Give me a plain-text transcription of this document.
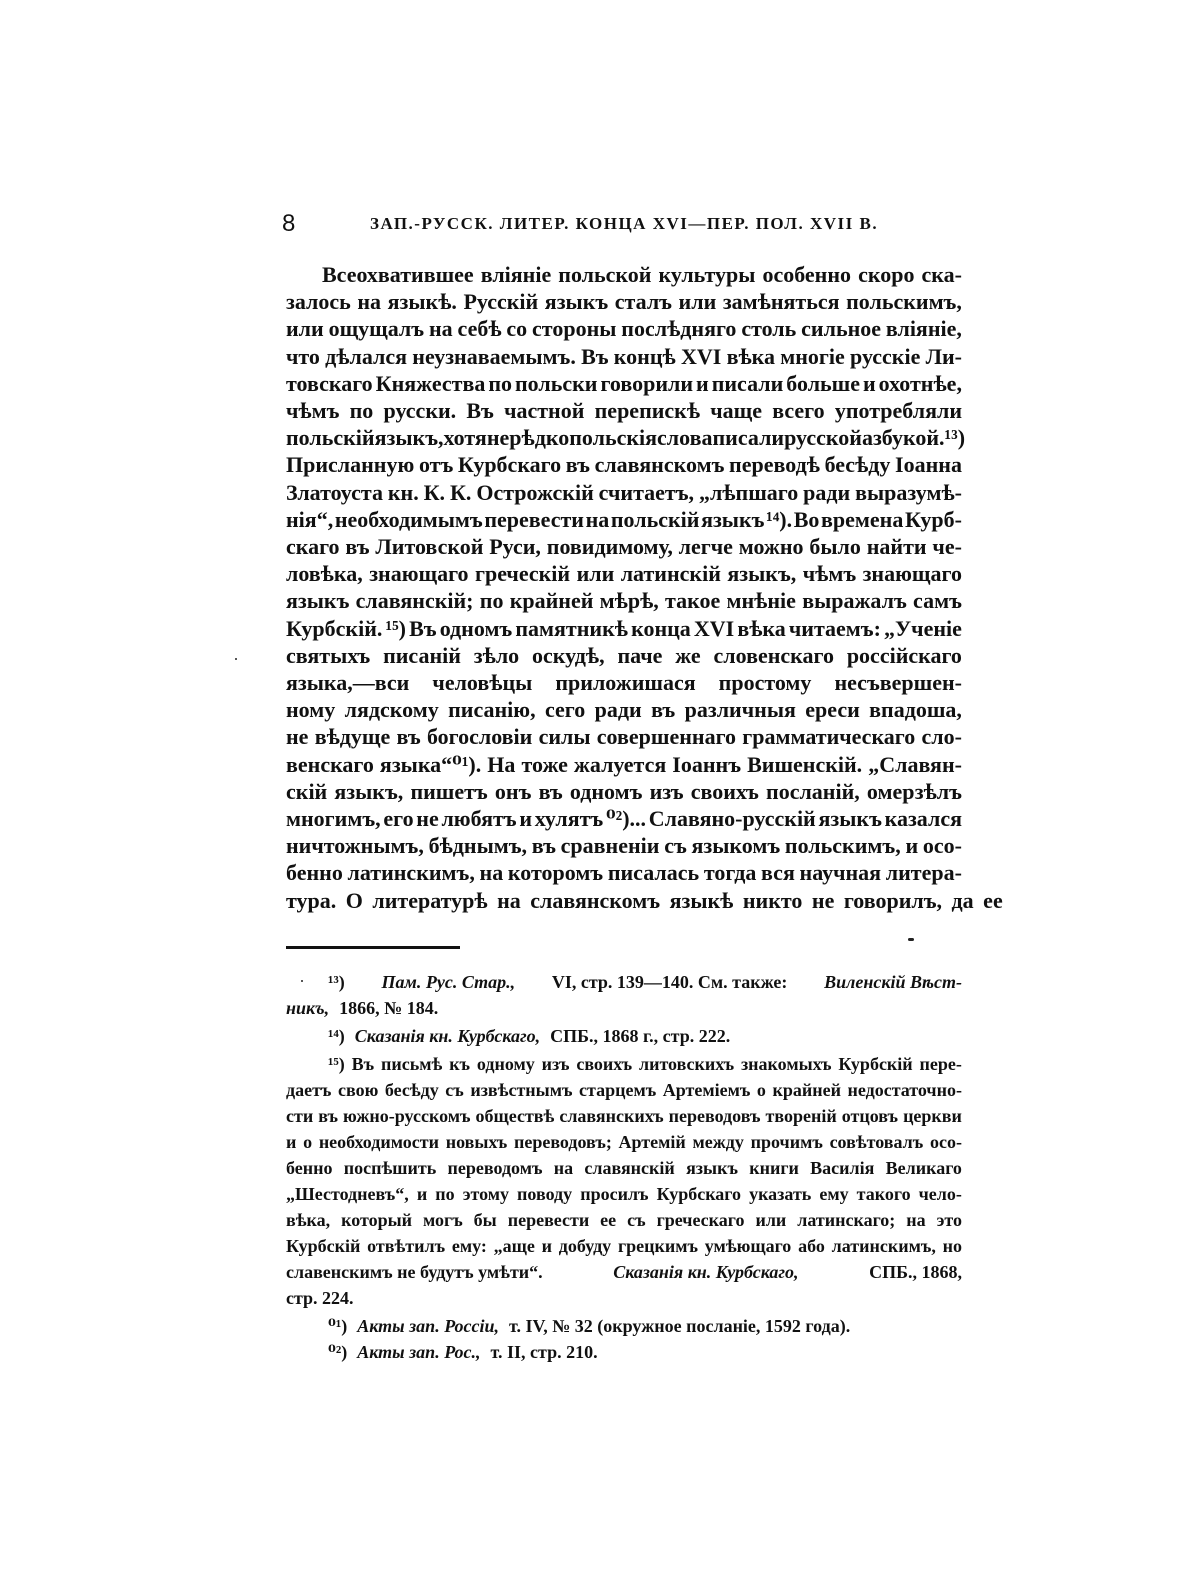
8	ЗАП.-РУССК. ЛИТЕР. КОНЦА XVI—ПЕР. ПОЛ. XVII В.
Всеохватившее вліяніе польской культуры особенно скоро ска-
залось на языкѣ. Русскій языкъ сталъ или замѣняться польскимъ,
или ощущалъ на себѣ со стороны послѣдняго столь сильное вліяніе,
что дѣлался неузнаваемымъ. Въ концѣ XVI вѣка многіе русскіе Ли-
товскаго Княжества по польски говорили и писали больше и охотнѣе,
чѣмъ по русски. Въ частной перепискѣ чаще всего употребляли
польскій языкъ, хотя нерѣдко польскія слова писали русской азбукой.¹³)
Присланную отъ Курбскаго въ славянскомъ переводѣ бесѣду Іоанна
Златоуста кн. К. К. Острожскій считаетъ, „лѣпшаго ради выразумѣ-
нія“, необходимымъ перевести на польскій языкъ ¹⁴). Во времена Курб-
скаго въ Литовской Руси, повидимому, легче можно было найти че-
ловѣка, знающаго греческій или латинскій языкъ, чѣмъ знающаго
языкъ славянскій; по крайней мѣрѣ, такое мнѣніе выражалъ самъ
Курбскій. ¹⁵) Въ одномъ памятникѣ конца XVI вѣка читаемъ: „Ученіе
святыхъ писаній зѣло оскудѣ, паче же словенскаго россійскаго
языка,—вси человѣцы приложишася простому несъвершен-
ному лядскому писанію, сего ради въ различныя ереси впадоша,
не вѣдуще въ богословіи силы совершеннаго грамматическаго сло-
венскаго языка“⁰¹). На тоже жалуется Іоаннъ Вишенскій. „Славян-
скій языкъ, пишетъ онъ въ одномъ изъ своихъ посланій, омерзѣлъ
многимъ, его не любятъ и хулятъ ⁰²)... Славяно-русскій языкъ казался
ничтожнымъ, бѣднымъ, въ сравненіи съ языкомъ польскимъ, и осо-
бенно латинскимъ, на которомъ писалась тогда вся научная литера-
тура. О литературѣ на славянскомъ языкѣ никто не говорилъ, да ее
¹³) Пам. Рус. Стар., VI, стр. 139—140. См. также: Виленскій Вѣст-
никъ, 1866, № 184.
¹⁴) Сказанія кн. Курбскаго, СПБ., 1868 г., стр. 222.
¹⁵) Въ письмѣ къ одному изъ своихъ литовскихъ знакомыхъ Курбскій пере-
даетъ свою бесѣду съ извѣстнымъ старцемъ Артеміемъ о крайней недостаточно-
сти въ южно-русскомъ обществѣ славянскихъ переводовъ твореній отцовъ церкви
и о необходимости новыхъ переводовъ; Артемій между прочимъ совѣтовалъ осо-
бенно поспѣшить переводомъ на славянскій языкъ книги Василія Великаго
„Шестодневъ“, и по этому поводу просилъ Курбскаго указать ему такого чело-
вѣка, который могъ бы перевести ее съ греческаго или латинскаго; на это
Курбскій отвѣтилъ ему: „аще и добуду грецкимъ умѣющаго або латинскимъ, но
славенскимъ не будутъ умѣти“.	Сказанія кн. Курбскаго,	СПБ., 1868,
стр. 224.
⁰¹) Акты зап. Россіи, т. IV, № 32 (окружное посланіе, 1592 года).
⁰²) Акты зап. Рос., т. II, стр. 210.
